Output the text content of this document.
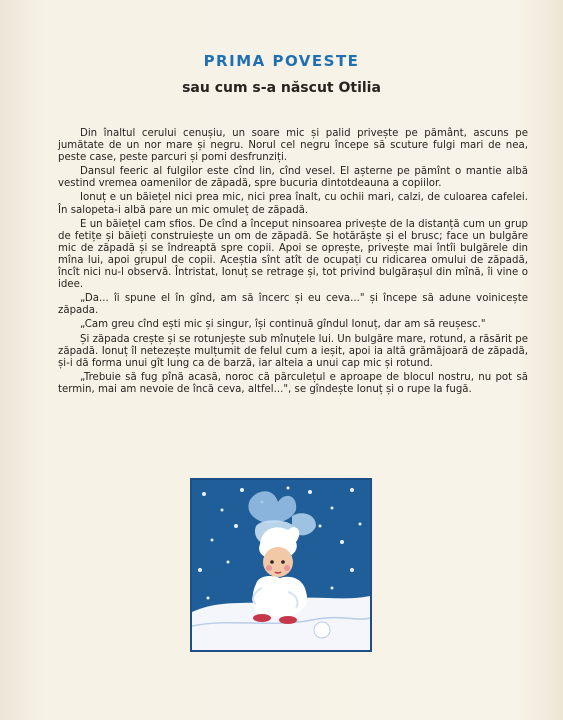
PRIMA POVESTE
sau cum s-a născut Otilia

Din înaltul cerului cenușiu, un soare mic și palid privește pe pământ, ascuns pe jumătate de un nor mare și negru. Norul cel negru începe să scuture fulgi mari de nea, peste case, peste parcuri și pomi desfrunziți.

Dansul feeric al fulgilor este cînd lin, cînd vesel. El așterne pe pămînt o mantie albă vestind vremea oamenilor de zăpadă, spre bucuria dintotdeauna a copiilor.

Ionuț e un băiețel nici prea mic, nici prea înalt, cu ochii mari, calzi, de culoarea cafelei. În salopeta-i albă pare un mic omuleț de zăpadă.

E un băiețel cam sfios. De cînd a început ninsoarea privește de la distanță cum un grup de fetițe și băieți construiește un om de zăpadă. Se hotărăște și el brusc; face un bulgăre mic de zăpadă și se îndreaptă spre copii. Apoi se oprește, privește mai întîi bulgărele din mîna lui, apoi grupul de copii. Aceștia sînt atît de ocupați cu ridicarea omului de zăpadă, încît nici nu-l observă. Întristat, Ionuț se retrage și, tot privind bulgărașul din mînă, îi vine o idee.

„Da... îi spune el în gînd, am să încerc și eu ceva..." și începe să adune voinicește zăpada.

„Cam greu cînd ești mic și singur, își continuă gîndul Ionuț, dar am să reușesc."

Și zăpada crește și se rotunjește sub mînuțele lui. Un bulgăre mare, rotund, a răsărit pe zăpadă. Ionuț îl netezește mulțumit de felul cum a ieșit, apoi ia altă grămăjoară de zăpadă, și-i dă forma unui gît lung ca de barză, iar alteia a unui cap mic și rotund.

„Trebuie să fug pînă acasă, noroc că părculețul e aproape de blocul nostru, nu pot să termin, mai am nevoie de încă ceva, altfel...", se gîndește Ionuț și o rupe la fugă.
